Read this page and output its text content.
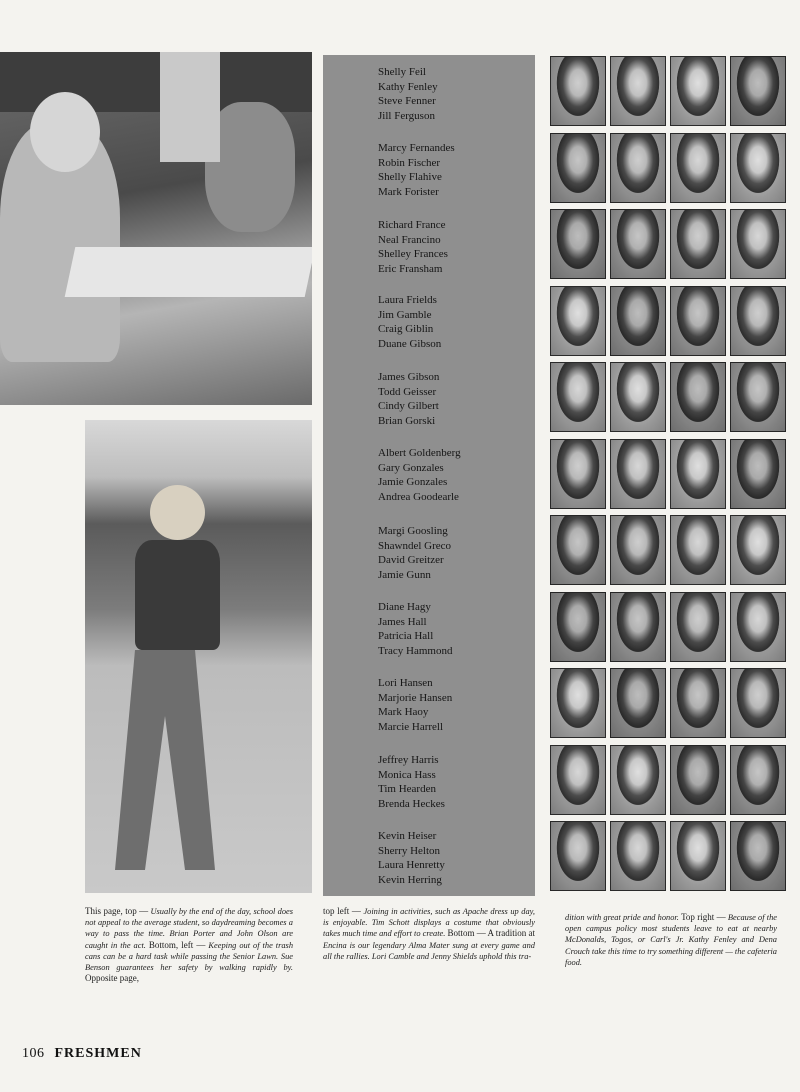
Shelly Feil
Kathy Fenley
Steve Fenner
Jill Ferguson
Marcy Fernandes
Robin Fischer
Shelly Flahive
Mark Forister
Richard France
Neal Francino
Shelley Frances
Eric Fransham
Laura Frields
Jim Gamble
Craig Giblin
Duane Gibson
James Gibson
Todd Geisser
Cindy Gilbert
Brian Gorski
Albert Goldenberg
Gary Gonzales
Jamie Gonzales
Andrea Goodearle
Margi Goosling
Shawndel Greco
David Greitzer
Jamie Gunn
Diane Hagy
James Hall
Patricia Hall
Tracy Hammond
Lori Hansen
Marjorie Hansen
Mark Haoy
Marcie Harrell
Jeffrey Harris
Monica Hass
Tim Hearden
Brenda Heckes
Kevin Heiser
Sherry Helton
Laura Henretty
Kevin Herring
This page, top — Usually by the end of the day, school does not appeal to the average student, so daydreaming becomes a way to pass the time. Brian Porter and John Olson are caught in the act. Bottom, left — Keeping out of the trash cans can be a hard task while passing the Senior Lawn. Sue Benson guarantees her safety by walking rapidly by. Opposite page,
top left — Joining in activities, such as Apache dress up day, is enjoyable. Tim Schott displays a costume that obviously takes much time and effort to create. Bottom — A tradition at Encina is our legendary Alma Mater sung at every game and all the rallies. Lori Camble and Jenny Shields uphold this tra-
dition with great pride and honor. Top right — Because of the open campus policy most students leave to eat at nearby McDonalds, Togos, or Carl's Jr. Kathy Fenley and Dena Crouch take this time to try something different — the cafeteria food.
106 FRESHMEN
